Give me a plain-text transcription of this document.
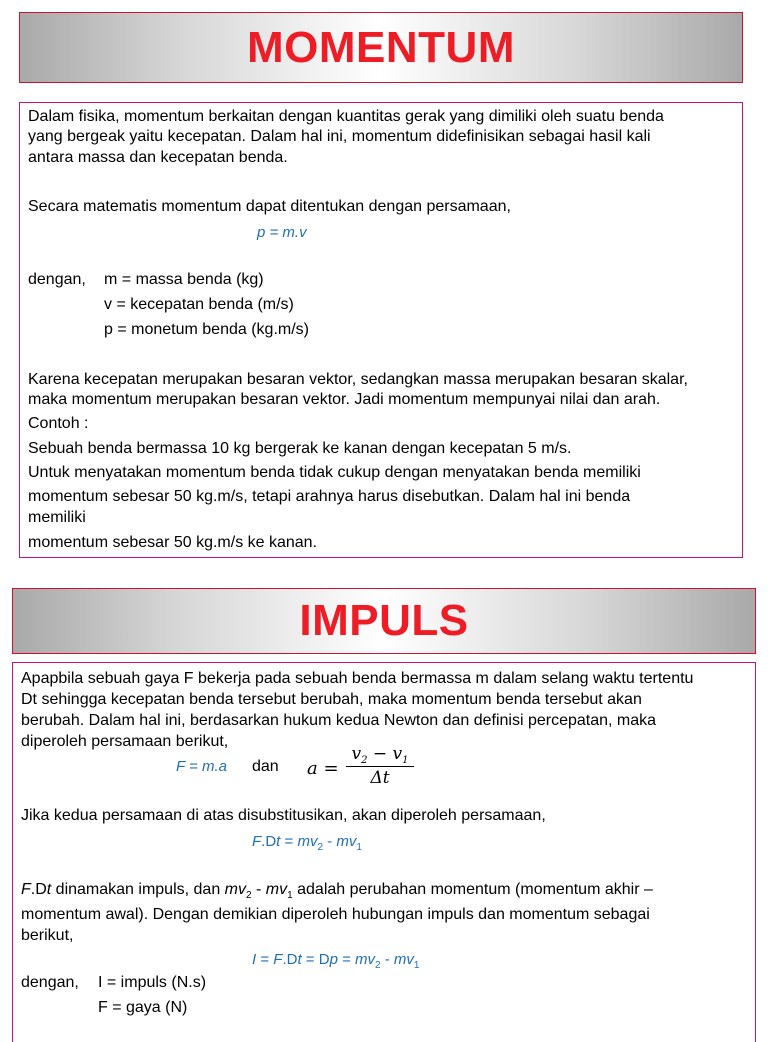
MOMENTUM
Dalam fisika, momentum berkaitan dengan kuantitas gerak yang dimiliki oleh suatu benda
yang bergeak yaitu kecepatan. Dalam hal ini, momentum didefinisikan sebagai hasil kali
antara massa dan kecepatan benda.
Secara matematis momentum dapat ditentukan dengan persamaan,
p = m.v
dengan, m = massa benda (kg)
v = kecepatan benda (m/s)
p = monetum benda (kg.m/s)
Karena kecepatan merupakan besaran vektor, sedangkan massa merupakan besaran skalar,
maka momentum merupakan besaran vektor. Jadi momentum mempunyai nilai dan arah.
Contoh :
Sebuah benda bermassa 10 kg bergerak ke kanan dengan kecepatan 5 m/s.
Untuk menyatakan momentum benda tidak cukup dengan menyatakan benda memiliki
momentum sebesar 50 kg.m/s, tetapi arahnya harus disebutkan. Dalam hal ini benda
memiliki
momentum sebesar 50 kg.m/s ke kanan.
IMPULS
Apapbila sebuah gaya F bekerja pada sebuah benda bermassa m dalam selang waktu tertentu
Dt sehingga kecepatan benda tersebut berubah, maka momentum benda tersebut akan
berubah. Dalam hal ini, berdasarkan hukum kedua Newton dan definisi percepatan, maka
diperoleh persamaan berikut,
F = m.a dan a =
$v_2 - v_1$
Δt
Jika kedua persamaan di atas disubstitusikan, akan diperoleh persamaan,
$F.Dt = mv_2 - mv_1$
F.Dt dinamakan impuls, dan $mv_2 - mv_1$ adalah perubahan momentum (momentum akhir –
momentum awal). Dengan demikian diperoleh hubungan impuls dan momentum sebagai
berikut,
$I = F.Dt = Dp = mv_2 - mv_1$
dengan, I = impuls (N.s)
F = gaya (N)
